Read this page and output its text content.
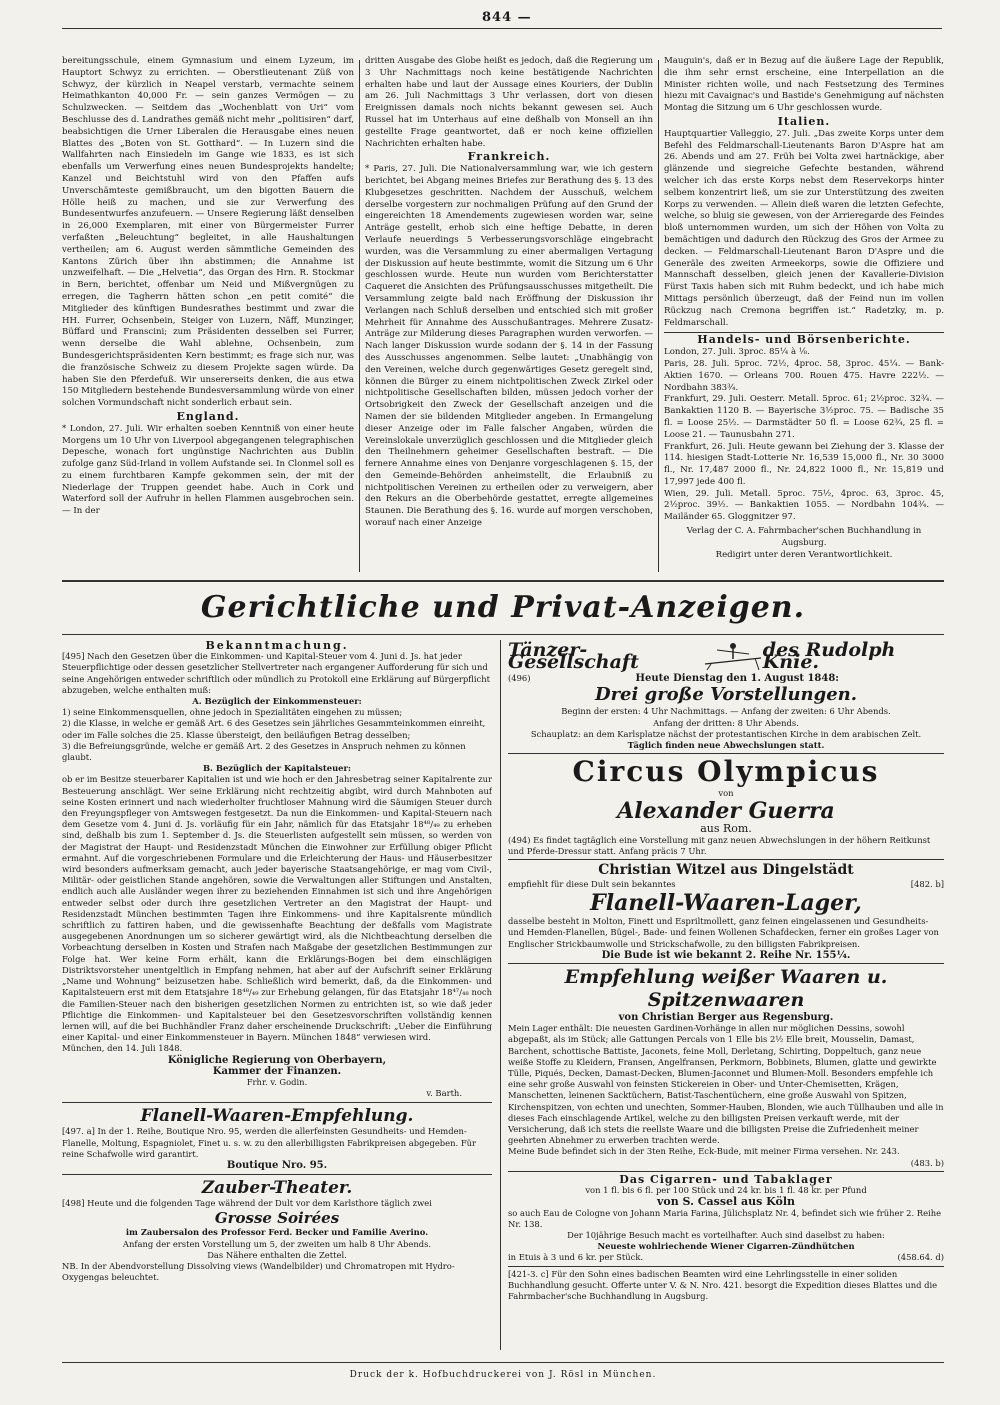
844 —

bereitungsschule, einem Gymnasium und einem Lyzeum, im Hauptort Schwyz zu errichten. — Oberstlieutenant Züß von Schwyz, der kürzlich in Neapel verstarb, vermachte seinem Heimathkanton 40,000 Fr. — sein ganzes Vermögen — zu Schulzwecken. — Seitdem das „Wochenblatt von Uri“ vom Beschlusse des d. Landrathes gemäß nicht mehr „politisiren“ darf, beabsichtigen die Urner Liberalen die Herausgabe eines neuen Blattes des „Boten von St. Gotthard“. — In Luzern sind die Wallfahrten nach Einsiedeln im Gange wie 1833, es ist sich ebenfalls um Verwerfung eines neuen Bundesprojekts handelte; Kanzel und Beichtstuhl wird von den Pfaffen aufs Unverschämteste gemißbraucht, um den bigotten Bauern die Hölle heiß zu machen, und sie zur Verwerfung des Bundesentwurfes anzufeuern. — Unsere Regierung läßt denselben in 26,000 Exemplaren, mit einer von Bürgermeister Furrer verfaßten „Beleuchtung“ begleitet, in alle Haushaltungen vertheilen; am 6. August werden sämmtliche Gemeinden des Kantons Zürich über ihn abstimmen; die Annahme ist unzweifelhaft. — Die „Helvetia“, das Organ des Hrn. R. Stockmar in Bern, berichtet, offenbar um Neid und Mißvergnügen zu erregen, die Tagherrn hätten schon „en petit comité“ die Mitglieder des künftigen Bundesrathes bestimmt und zwar die HH. Furrer, Ochsenbein, Steiger von Luzern, Näff, Munzinger, Büffard und Franscini; zum Präsidenten desselben sei Furrer, wenn derselbe die Wahl ablehne, Ochsenbein, zum Bundesgerichtspräsidenten Kern bestimmt; es frage sich nur, was die französische Schweiz zu diesem Projekte sagen würde. Da haben Sie den Pferdefuß. Wir unsererseits denken, die aus etwa 150 Mitgliedern bestehende Bundesversammlung würde von einer solchen Vormundschaft nicht sonderlich erbaut sein.

England.

* London, 27. Juli. Wir erhalten soeben Kenntniß von einer heute Morgens um 10 Uhr von Liverpool abgegangenen telegraphischen Depesche, wonach fort ungünstige Nachrichten aus Dublin zufolge ganz Süd-Irland in vollem Aufstande sei. In Clonmel soll es zu einem furchtbaren Kampfe gekommen sein, der mit der Niederlage der Truppen geendet habe. Auch in Cork und Waterford soll der Aufruhr in hellen Flammen ausgebrochen sein. — In der

dritten Ausgabe des Globe heißt es jedoch, daß die Regierung um 3 Uhr Nachmittags noch keine bestätigende Nachrichten erhalten habe und laut der Aussage eines Kouriers, der Dublin am 26. Juli Nachmittags 3 Uhr verlassen, dort von diesen Ereignissen damals noch nichts bekannt gewesen sei. Auch Russel hat im Unterhaus auf eine deßhalb von Monsell an ihn gestellte Frage geantwortet, daß er noch keine offiziellen Nachrichten erhalten habe.

Frankreich.

* Paris, 27. Juli. Die Nationalversammlung war, wie ich gestern berichtet, bei Abgang meines Briefes zur Berathung des §. 13 des Klubgesetzes geschritten. Nachdem der Ausschuß, welchem derselbe vorgestern zur nochmaligen Prüfung auf den Grund der eingereichten 18 Amendements zugewiesen worden war, seine Anträge gestellt, erhob sich eine heftige Debatte, in deren Verlaufe neuerdings 5 Verbesserungsvorschläge eingebracht wurden, was die Versammlung zu einer abermaligen Vertagung der Diskussion auf heute bestimmte, womit die Sitzung um 6 Uhr geschlossen wurde. Heute nun wurden vom Berichterstatter Caqueret die Ansichten des Prüfungsausschusses mitgetheilt. Die Versammlung zeigte bald nach Eröffnung der Diskussion ihr Verlangen nach Schluß derselben und entschied sich mit großer Mehrheit für Annahme des Ausschußantrages. Mehrere Zusatz-Anträge zur Milderung dieses Paragraphen wurden verworfen. — Nach langer Diskussion wurde sodann der §. 14 in der Fassung des Ausschusses angenommen. Selbe lautet: „Unabhängig von den Vereinen, welche durch gegenwärtiges Gesetz geregelt sind, können die Bürger zu einem nichtpolitischen Zweck Zirkel oder nichtpolitische Gesellschaften bilden, müssen jedoch vorher der Ortsobrigkeit den Zweck der Gesellschaft anzeigen und die Namen der sie bildenden Mitglieder angeben. In Ermangelung dieser Anzeige oder im Falle falscher Angaben, würden die Vereinslokale unverzüglich geschlossen und die Mitglieder gleich den Theilnehmern geheimer Gesellschaften bestraft. — Die fernere Annahme eines von Denjanre vorgeschlagenen §. 15, der den Gemeinde-Behörden anheimstellt, die Erlaubniß zu nichtpolitischen Vereinen zu ertheilen oder zu verweigern, aber den Rekurs an die Oberbehörde gestattet, erregte allgemeines Staunen. Die Berathung des §. 16. wurde auf morgen verschoben, worauf nach einer Anzeige

Mauguin's, daß er in Bezug auf die äußere Lage der Republik, die ihm sehr ernst erscheine, eine Interpellation an die Minister richten wolle, und nach Festsetzung des Termines hiezu mit Cavaignac's und Bastide's Genehmigung auf nächsten Montag die Sitzung um 6 Uhr geschlossen wurde.

Italien.

Hauptquartier Valleggio, 27. Juli. „Das zweite Korps unter dem Befehl des Feldmarschall-Lieutenants Baron D'Aspre hat am 26. Abends und am 27. Früh bei Volta zwei hartnäckige, aber glänzende und siegreiche Gefechte bestanden, während welcher ich das erste Korps nebst dem Reservekorps hinter selbem konzentrirt ließ, um sie zur Unterstützung des zweiten Korps zu verwenden. — Allein dieß waren die letzten Gefechte, welche, so bluig sie gewesen, von der Arrieregarde des Feindes bloß unternommen wurden, um sich der Höhen von Volta zu bemächtigen und dadurch den Rückzug des Gros der Armee zu decken. — Feldmarschall-Lieutenant Baron D'Aspre und die Generäle des zweiten Armeekorps, sowie die Offiziere und Mannschaft desselben, gleich jenen der Kavallerie-Division Fürst Taxis haben sich mit Ruhm bedeckt, und ich habe mich Mittags persönlich überzeugt, daß der Feind nun im vollen Rückzug nach Cremona begriffen ist.“ Radetzky, m. p. Feldmarschall.

Handels- und Börsenberichte.

London, 27. Juli. 3proc. 85¼ à ⅛.

Paris, 28. Juli. 5proc. 72½, 4proc. 58, 3proc. 45¼. — Bank-Aktien 1670. — Orleans 700. Rouen 475. Havre 222½. — Nordbahn 383¾.

Frankfurt, 29. Juli. Oesterr. Metall. 5proc. 61; 2½proc. 32¾. — Bankaktien 1120 B. — Bayerische 3½proc. 75. — Badische 35 fl. = Loose 25½. — Darmstädter 50 fl. = Loose 62¾, 25 fl. = Loose 21. — Taunusbahn 271.

Frankfurt, 26. Juli. Heute gewann bei Ziehung der 3. Klasse der 114. hiesigen Stadt-Lotterie Nr. 16,539 15,000 fl., Nr. 30 3000 fl., Nr. 17,487 2000 fl., Nr. 24,822 1000 fl., Nr. 15,819 und 17,997 jede 400 fl.

Wien, 29. Juli. Metall. 5proc. 75½, 4proc. 63, 3proc. 45, 2½proc. 39½. — Bankaktien 1055. — Nordbahn 104¾. — Mailänder 65. Gloggnitzer 97.

Verlag der C. A. Fahrmbacher'schen Buchhandlung in Augsburg.

Redigirt unter deren Verantwortlichkeit.

Gerichtliche und Privat-Anzeigen.
Bekanntmachung.

[495] Nach den Gesetzen über die Einkommen- und Kapital-Steuer vom 4. Juni d. Js. hat jeder Steuerpflichtige oder dessen gesetzlicher Stellvertreter nach ergangener Aufforderung für sich und seine Angehörigen entweder schriftlich oder mündlich zu Protokoll eine Erklärung auf Bürgerpflicht abzugeben, welche enthalten muß:

A. Bezüglich der Einkommensteuer:

1) seine Einkommensquellen, ohne jedoch in Spezialitäten eingehen zu müssen;

2) die Klasse, in welche er gemäß Art. 6 des Gesetzes sein jährliches Gesammteinkommen einreiht, oder im Falle solches die 25. Klasse übersteigt, den beiläufigen Betrag desselben;

3) die Befreiungsgründe, welche er gemäß Art. 2 des Gesetzes in Anspruch nehmen zu können glaubt.

B. Bezüglich der Kapitalsteuer:

ob er im Besitze steuerbarer Kapitalien ist und wie hoch er den Jahresbetrag seiner Kapitalrente zur Besteuerung anschlägt. Wer seine Erklärung nicht rechtzeitig abgibt, wird durch Mahnboten auf seine Kosten erinnert und nach wiederholter fruchtloser Mahnung wird die Säumigen Steuer durch den Freyungspfleger von Amtswegen festgesetzt. Da nun die Einkommen- und Kapital-Steuern nach dem Gesetze vom 4. Juni d. Js. vorläufig für ein Jahr, nämlich für das Etatsjahr 18⁴⁸/₄₉ zu erheben sind, deßhalb bis zum 1. September d. Js. die Steuerlisten aufgestellt sein müssen, so werden von der Magistrat der Haupt- und Residenzstadt München die Einwohner zur Erfüllung obiger Pflicht ermahnt. Auf die vorgeschriebenen Formulare und die Erleichterung der Haus- und Häuserbesitzer wird besonders aufmerksam gemacht, auch jeder bayerische Staatsangehörige, er mag vom Civil-, Militär- oder geistlichen Stande angehören, sowie die Verwaltungen aller Stiftungen und Anstalten, endlich auch alle Ausländer wegen ihrer zu beziehenden Einnahmen ist sich und ihre Angehörigen entweder selbst oder durch ihre gesetzlichen Vertreter an den Magistrat der Haupt- und Residenzstadt München bestimmten Tagen ihre Einkommens- und ihre Kapitalsrente mündlich schriftlich zu fattiren haben, und die gewissenhafte Beachtung der deßfalls vom Magistrate ausgegebenen Anordnungen um so sicherer gewärtigt wird, als die Nichtbeachtung derselben die Vorbeachtung derselben in Kosten und Strafen nach Maßgabe der gesetzlichen Bestimmungen zur Folge hat. Wer keine Form erhält, kann die Erklärungs-Bogen bei dem einschlägigen Distriktsvorsteher unentgeltlich in Empfang nehmen, hat aber auf der Aufschrift seiner Erklärung „Name und Wohnung“ beizusetzen habe. Schließlich wird bemerkt, daß, da die Einkommen- und Kapitalsteuern erst mit dem Etatsjahre 18⁴⁸/₄₉ zur Erhebung gelangen, für das Etatsjahr 18⁴⁷/₄₈ noch die Familien-Steuer nach den bisherigen gesetzlichen Normen zu entrichten ist, so wie daß jeder Pflichtige die Einkommen- und Kapitalsteuer bei den Gesetzesvorschriften vollständig kennen lernen will, auf die bei Buchhändler Franz daher erscheinende Druckschrift: „Ueber die Einführung einer Kapital- und einer Einkommensteuer in Bayern. München 1848“ verwiesen wird.

München, den 14. Juli 1848.

Königliche Regierung von Oberbayern,

Kammer der Finanzen.

Frhr. v. Godin.

v. Barth.

Flanell-Waaren-Empfehlung.

[497. a] In der 1. Reihe, Boutique Nro. 95, werden die allerfeinsten Gesundheits- und Hemden-Flanelle, Moltung, Espagniolet, Finet u. s. w. zu den allerbilligsten Fabrikpreisen abgegeben. Für reine Schafwolle wird garantirt.

Boutique Nro. 95.

Zauber-Theater.

[498] Heute und die folgenden Tage während der Dult vor dem Karlsthore täglich zwei

Grosse Soirées

im Zaubersalon des Professor Ferd. Becker und Familie Averino.

Anfang der ersten Vorstellung um 5, der zweiten um halb 8 Uhr Abends.

Das Nähere enthalten die Zettel.

NB. In der Abendvorstellung Dissolving views (Wandelbilder) und Chromatropen mit Hydro-Oxygengas beleuchtet.

Tänzer-Gesellschaft
des Rudolph Knie.

(496)	Heute Dienstag den 1. August 1848:

Drei große Vorstellungen.

Beginn der ersten: 4 Uhr Nachmittags. — Anfang der zweiten: 6 Uhr Abends.

Anfang der dritten: 8 Uhr Abends.

Schauplatz: an dem Karlsplatze nächst der protestantischen Kirche in dem arabischen Zelt.

Täglich finden neue Abwechslungen statt.

Circus Olympicus

von

Alexander Guerra

aus Rom.

(494) Es findet tagtäglich eine Vorstellung mit ganz neuen Abwechslungen in der höhern Reitkunst und Pferde-Dressur statt. Anfang präcis 7 Uhr.

Christian Witzel aus Dingelstädt

empfiehlt für diese Dult sein bekanntes	[482. b]

Flanell-Waaren-Lager,

dasselbe besteht in Molton, Finett und Espriltmollett, ganz feinen eingelassenen und Gesundheits- und Hemden-Flanellen, Bügel-, Bade- und feinen Wollenen Schafdecken, ferner ein großes Lager von Englischer Strickbaumwolle und Strickschafwolle, zu den billigsten Fabrikpreisen.

Die Bude ist wie bekannt 2. Reihe Nr. 155¼.

Empfehlung weißer Waaren u. Spitzenwaaren

von Christian Berger aus Regensburg.

Mein Lager enthält: Die neuesten Gardinen-Vorhänge in allen nur möglichen Dessins, sowohl abgepaßt, als im Stück; alle Gattungen Percals von 1 Elle bis 2½ Elle breit, Mousselin, Damast, Barchent, schottische Battiste, Jaconets, feine Moll, Derletang, Schirting, Doppeltuch, ganz neue weiße Stoffe zu Kleidern, Fransen, Angelfransen, Perkmorn, Bobbinets, Blumen, glatte und gewirkte Tülle, Piqués, Decken, Damast-Decken, Blumen-Jaconnet und Blumen-Moll. Besonders empfehle ich eine sehr große Auswahl von feinsten Stickereien in Ober- und Unter-Chemisetten, Krägen, Manschetten, leinenen Sacktüchern, Batist-Taschentüchern, eine große Auswahl von Spitzen, Kirchenspitzen, von echten und unechten, Sommer-Hauben, Blonden, wie auch Tüllhauben und alle in dieses Fach einschlagende Artikel, welche zu den billigsten Preisen verkauft werde, mit der Versicherung, daß ich stets die reellste Waare und die billigsten Preise die Zufriedenheit meiner geehrten Abnehmer zu erwerben trachten werde.

Meine Bude befindet sich in der 3ten Reihe, Eck-Bude, mit meiner Firma versehen. Nr. 243.

(483. b)

Das Cigarren- und Tabaklager

von 1 fl. bis 6 fl. per 100 Stück und 24 kr. bis 1 fl. 48 kr. per Pfund

von S. Cassel aus Köln

so auch Eau de Cologne von Johann Maria Farina, Jülichsplatz Nr. 4, befindet sich wie früher 2. Reihe Nr. 138.

Der 10jährige Besuch macht es vorteilhafter. Auch sind daselbst zu haben:

Neueste wohlriechende Wiener Cigarren-Zündhütchen

in Etuis à 3 und 6 kr. per Stück.	(458.64. d)

[421-3. c] Für den Sohn eines badischen Beamten wird eine Lehrlingsstelle in einer soliden Buchhandlung gesucht. Offerte unter V. & N. Nro. 421. besorgt die Expedition dieses Blattes und die Fahrmbacher'sche Buchhandlung in Augsburg.

Druck der k. Hofbuchdruckerei von J. Rösl in München.
